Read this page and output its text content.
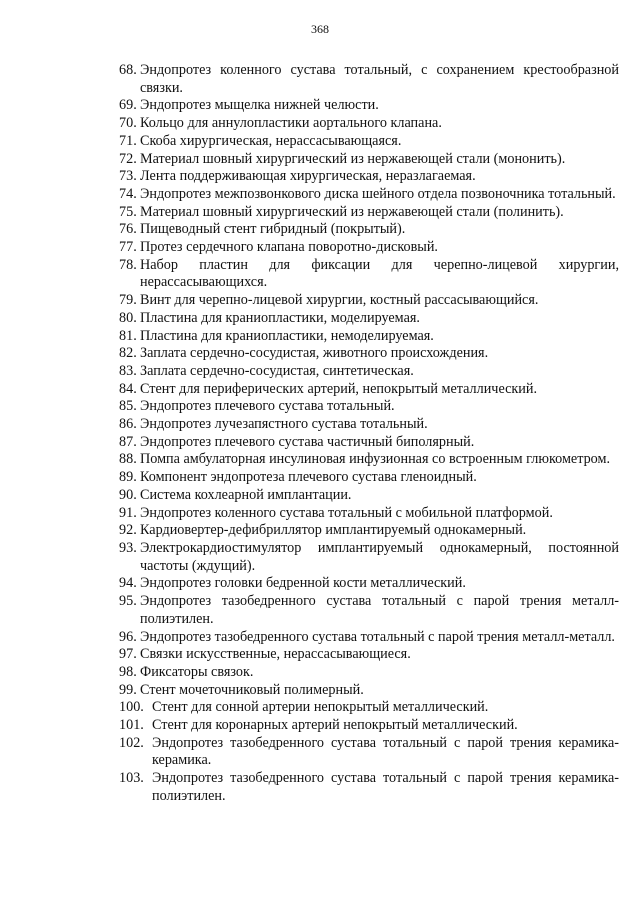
368
68. Эндопротез коленного сустава тотальный, с сохранением крестообразной связки.
69. Эндопротез мыщелка нижней челюсти.
70. Кольцо для аннулопластики аортального клапана.
71. Скоба хирургическая, нерассасывающаяся.
72. Материал шовный хирургический из нержавеющей стали (мононить).
73. Лента поддерживающая хирургическая, неразлагаемая.
74. Эндопротез межпозвонкового диска шейного отдела позвоночника тотальный.
75. Материал шовный хирургический из нержавеющей стали (полинить).
76. Пищеводный стент гибридный (покрытый).
77. Протез сердечного клапана поворотно-дисковый.
78. Набор пластин для фиксации для черепно-лицевой хирургии, нерассасывающихся.
79. Винт для черепно-лицевой хирургии, костный рассасывающийся.
80. Пластина для краниопластики, моделируемая.
81. Пластина для краниопластики, немоделируемая.
82. Заплата сердечно-сосудистая, животного происхождения.
83. Заплата сердечно-сосудистая, синтетическая.
84. Стент для периферических артерий, непокрытый металлический.
85. Эндопротез плечевого сустава тотальный.
86. Эндопротез лучезапястного сустава тотальный.
87. Эндопротез плечевого сустава частичный биполярный.
88. Помпа амбулаторная инсулиновая инфузионная со встроенным глюкометром.
89. Компонент эндопротеза плечевого сустава гленоидный.
90. Система кохлеарной имплантации.
91. Эндопротез коленного сустава тотальный с мобильной платформой.
92. Кардиовертер-дефибриллятор имплантируемый однокамерный.
93. Электрокардиостимулятор имплантируемый однокамерный, постоянной частоты (ждущий).
94. Эндопротез головки бедренной кости металлический.
95. Эндопротез тазобедренного сустава тотальный с парой трения металл-полиэтилен.
96. Эндопротез тазобедренного сустава тотальный с парой трения металл-металл.
97. Связки искусственные, нерассасывающиеся.
98. Фиксаторы связок.
99. Стент мочеточниковый полимерный.
100. Стент для сонной артерии непокрытый металлический.
101. Стент для коронарных артерий непокрытый металлический.
102. Эндопротез тазобедренного сустава тотальный с парой трения керамика-керамика.
103. Эндопротез тазобедренного сустава тотальный с парой трения керамика-полиэтилен.
